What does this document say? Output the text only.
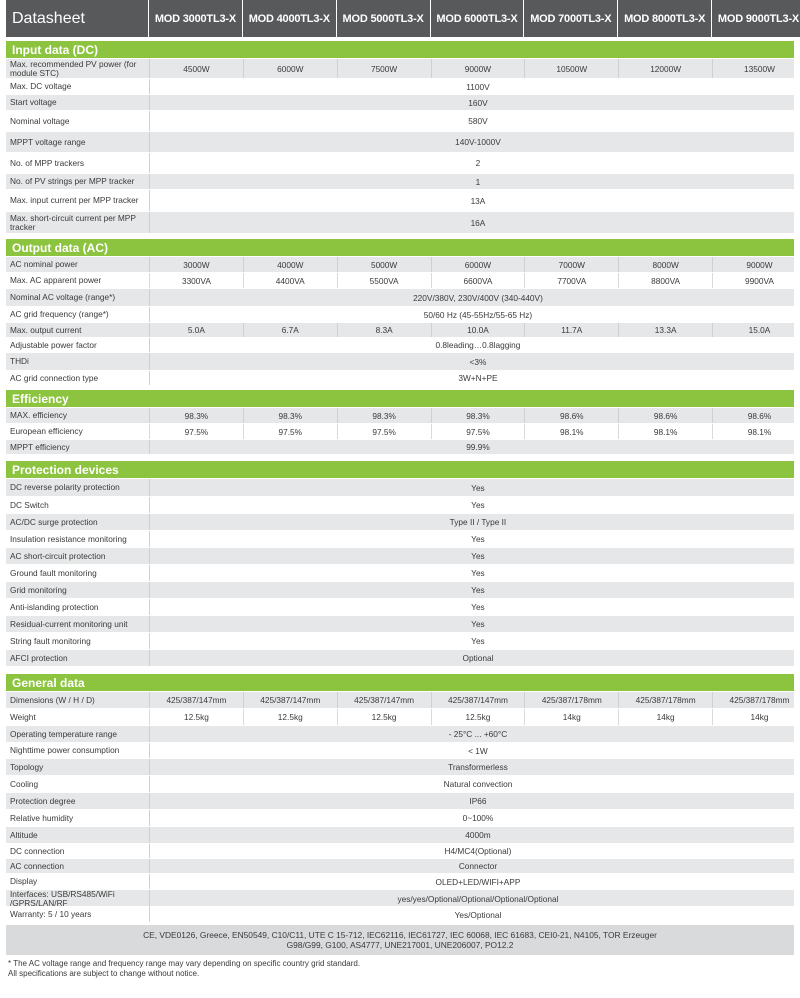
Datasheet	MOD 3000TL3-X	MOD 4000TL3-X	MOD 5000TL3-X	MOD 6000TL3-X	MOD 7000TL3-X	MOD 8000TL3-X	MOD 9000TL3-X
Input data (DC)
Max. recommended PV power (for module STC)	4500W	6000W	7500W	9000W	10500W	12000W	13500W
Max. DC voltage	1100V
Start voltage	160V
Nominal voltage	580V
MPPT voltage range	140V-1000V
No. of MPP trackers	2
No. of PV strings per MPP tracker	1
Max. input current per MPP tracker	13A
Max. short-circuit current per MPP tracker	16A
Output data (AC)
AC nominal power	3000W	4000W	5000W	6000W	7000W	8000W	9000W
Max. AC apparent power	3300VA	4400VA	5500VA	6600VA	7700VA	8800VA	9900VA
Nominal AC voltage (range*)	220V/380V, 230V/400V (340-440V)
AC grid frequency (range*)	50/60 Hz (45-55Hz/55-65 Hz)
Max. output current	5.0A	6.7A	8.3A	10.0A	11.7A	13.3A	15.0A
Adjustable power factor	0.8leading…0.8lagging
THDi	<3%
AC grid connection type	3W+N+PE
Efficiency
MAX. efficiency	98.3%	98.3%	98.3%	98.3%	98.6%	98.6%	98.6%
European efficiency	97.5%	97.5%	97.5%	97.5%	98.1%	98.1%	98.1%
MPPT efficiency	99.9%
Protection devices
DC reverse polarity protection	Yes
DC Switch	Yes
AC/DC surge protection	Type II / Type II
Insulation resistance monitoring	Yes
AC short-circuit protection	Yes
Ground fault monitoring	Yes
Grid monitoring	Yes
Anti-islanding protection	Yes
Residual-current monitoring unit	Yes
String fault monitoring	Yes
AFCI protection	Optional
General data
Dimensions (W / H / D)	425/387/147mm	425/387/147mm	425/387/147mm	425/387/147mm	425/387/178mm	425/387/178mm	425/387/178mm
Weight	12.5kg	12.5kg	12.5kg	12.5kg	14kg	14kg	14kg
Operating temperature range	- 25°C ... +60°C
Nighttime power consumption	< 1W
Topology	Transformerless
Cooling	Natural convection
Protection degree	IP66
Relative humidity	0~100%
Altitude	4000m
DC connection	H4/MC4(Optional)
AC connection	Connector
Display	OLED+LED/WIFI+APP
Interfaces: USB/RS485/WiFi /GPRS/LAN/RF	yes/yes/Optional/Optional/Optional/Optional
Warranty: 5 / 10 years	Yes/Optional
CE, VDE0126, Greece, EN50549, C10/C11, UTE C 15-712, IEC62116, IEC61727, IEC 60068, IEC 61683, CEI0-21, N4105, TOR Erzeuger
G98/G99, G100, AS4777, UNE217001, UNE206007, PO12.2
* The AC voltage range and frequency range may vary depending on specific country grid standard.
All specifications are subject to change without notice.
